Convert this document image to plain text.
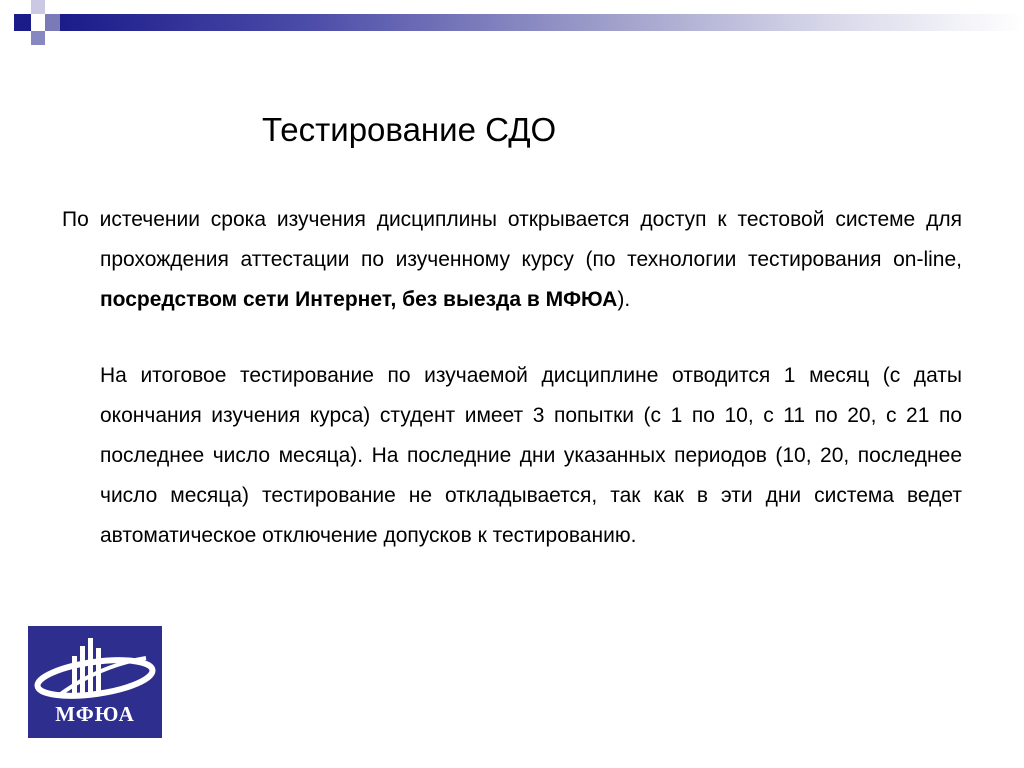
Тестирование СДО

По истечении срока изучения дисциплины открывается доступ к тестовой системе для прохождения аттестации по изученному курсу (по технологии тестирования on-line, посредством сети Интернет, без выезда в МФЮА).

На итоговое тестирование по изучаемой дисциплине отводится 1 месяц (с даты окончания изучения курса) студент имеет 3 попытки (с 1 по 10, с 11 по 20, с 21 по последнее число месяца). На последние дни указанных периодов (10, 20, последнее число месяца) тестирование не откладывается, так как в эти дни система ведет автоматическое отключение допусков к тестированию.

МФЮА
